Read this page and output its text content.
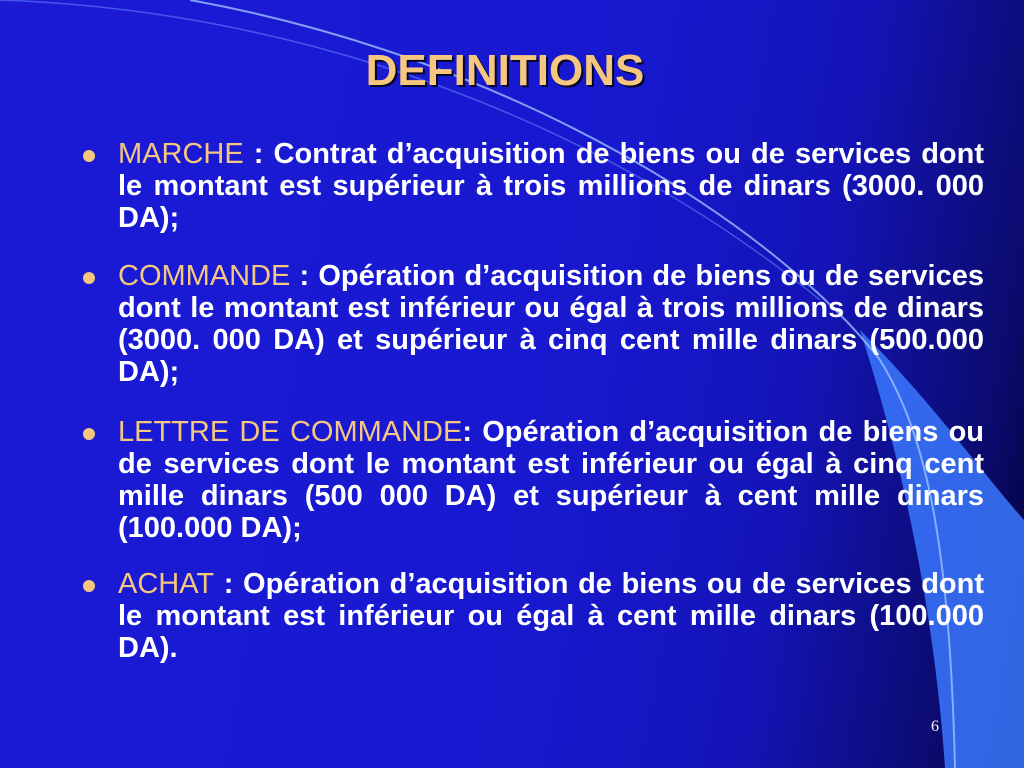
DEFINITIONS
MARCHE : Contrat d’acquisition de biens ou de services dont le montant est supérieur à trois millions de dinars (3000. 000 DA);
COMMANDE : Opération d’acquisition de biens ou de services dont le montant est inférieur ou égal à trois millions de dinars (3000. 000 DA) et supérieur à cinq cent mille dinars (500.000 DA);
LETTRE DE COMMANDE: Opération d’acquisition de biens ou de services dont le montant est inférieur ou égal à cinq cent mille dinars (500 000 DA) et supérieur à cent mille dinars (100.000 DA);
ACHAT : Opération d’acquisition de biens ou de services dont le montant est inférieur ou égal à cent mille dinars (100.000 DA).
6
